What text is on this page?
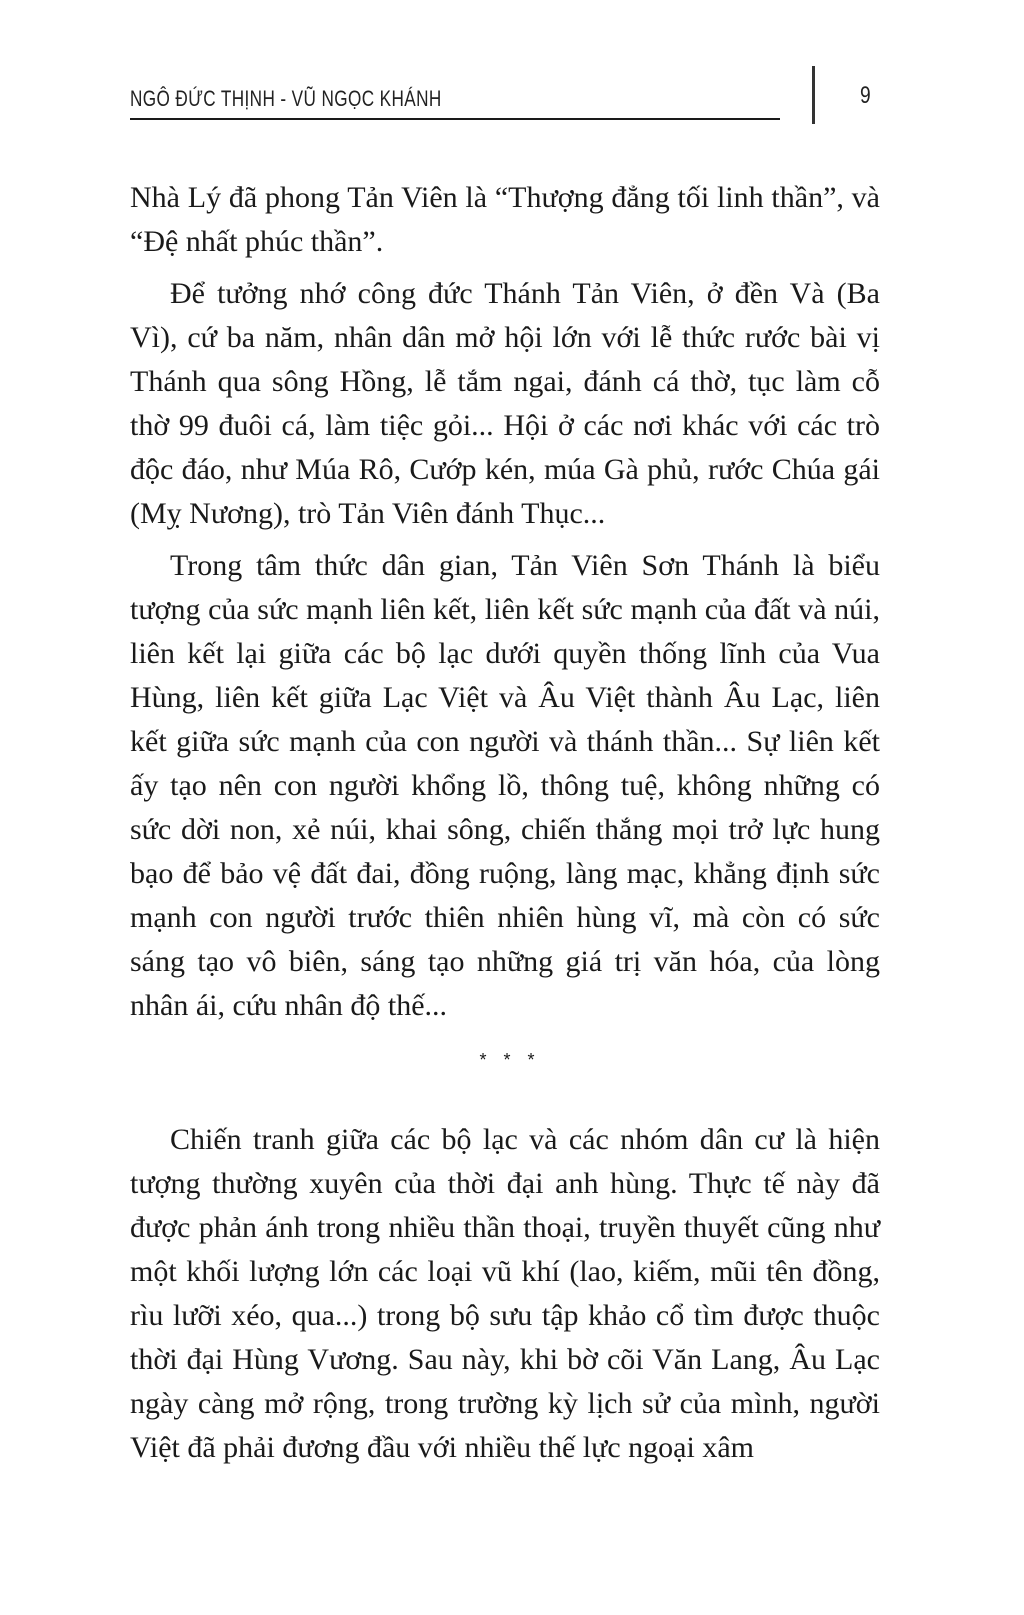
NGÔ ĐỨC THỊNH - VŨ NGỌC KHÁNH	9

Nhà Lý đã phong Tản Viên là “Thượng đẳng tối linh thần”, và “Đệ nhất phúc thần”.

Để tưởng nhớ công đức Thánh Tản Viên, ở đền Và (Ba Vì), cứ ba năm, nhân dân mở hội lớn với lễ thức rước bài vị Thánh qua sông Hồng, lễ tắm ngai, đánh cá thờ, tục làm cỗ thờ 99 đuôi cá, làm tiệc gỏi... Hội ở các nơi khác với các trò độc đáo, như Múa Rô, Cướp kén, múa Gà phủ, rước Chúa gái (Mỵ Nương), trò Tản Viên đánh Thục...

Trong tâm thức dân gian, Tản Viên Sơn Thánh là biểu tượng của sức mạnh liên kết, liên kết sức mạnh của đất và núi, liên kết lại giữa các bộ lạc dưới quyền thống lĩnh của Vua Hùng, liên kết giữa Lạc Việt và Âu Việt thành Âu Lạc, liên kết giữa sức mạnh của con người và thánh thần... Sự liên kết ấy tạo nên con người khổng lồ, thông tuệ, không những có sức dời non, xẻ núi, khai sông, chiến thắng mọi trở lực hung bạo để bảo vệ đất đai, đồng ruộng, làng mạc, khẳng định sức mạnh con người trước thiên nhiên hùng vĩ, mà còn có sức sáng tạo vô biên, sáng tạo những giá trị văn hóa, của lòng nhân ái, cứu nhân độ thế...

* * *

Chiến tranh giữa các bộ lạc và các nhóm dân cư là hiện tượng thường xuyên của thời đại anh hùng. Thực tế này đã được phản ánh trong nhiều thần thoại, truyền thuyết cũng như một khối lượng lớn các loại vũ khí (lao, kiếm, mũi tên đồng, rìu lưỡi xéo, qua...) trong bộ sưu tập khảo cổ tìm được thuộc thời đại Hùng Vương. Sau này, khi bờ cõi Văn Lang, Âu Lạc ngày càng mở rộng, trong trường kỳ lịch sử của mình, người Việt đã phải đương đầu với nhiều thế lực ngoại xâm
